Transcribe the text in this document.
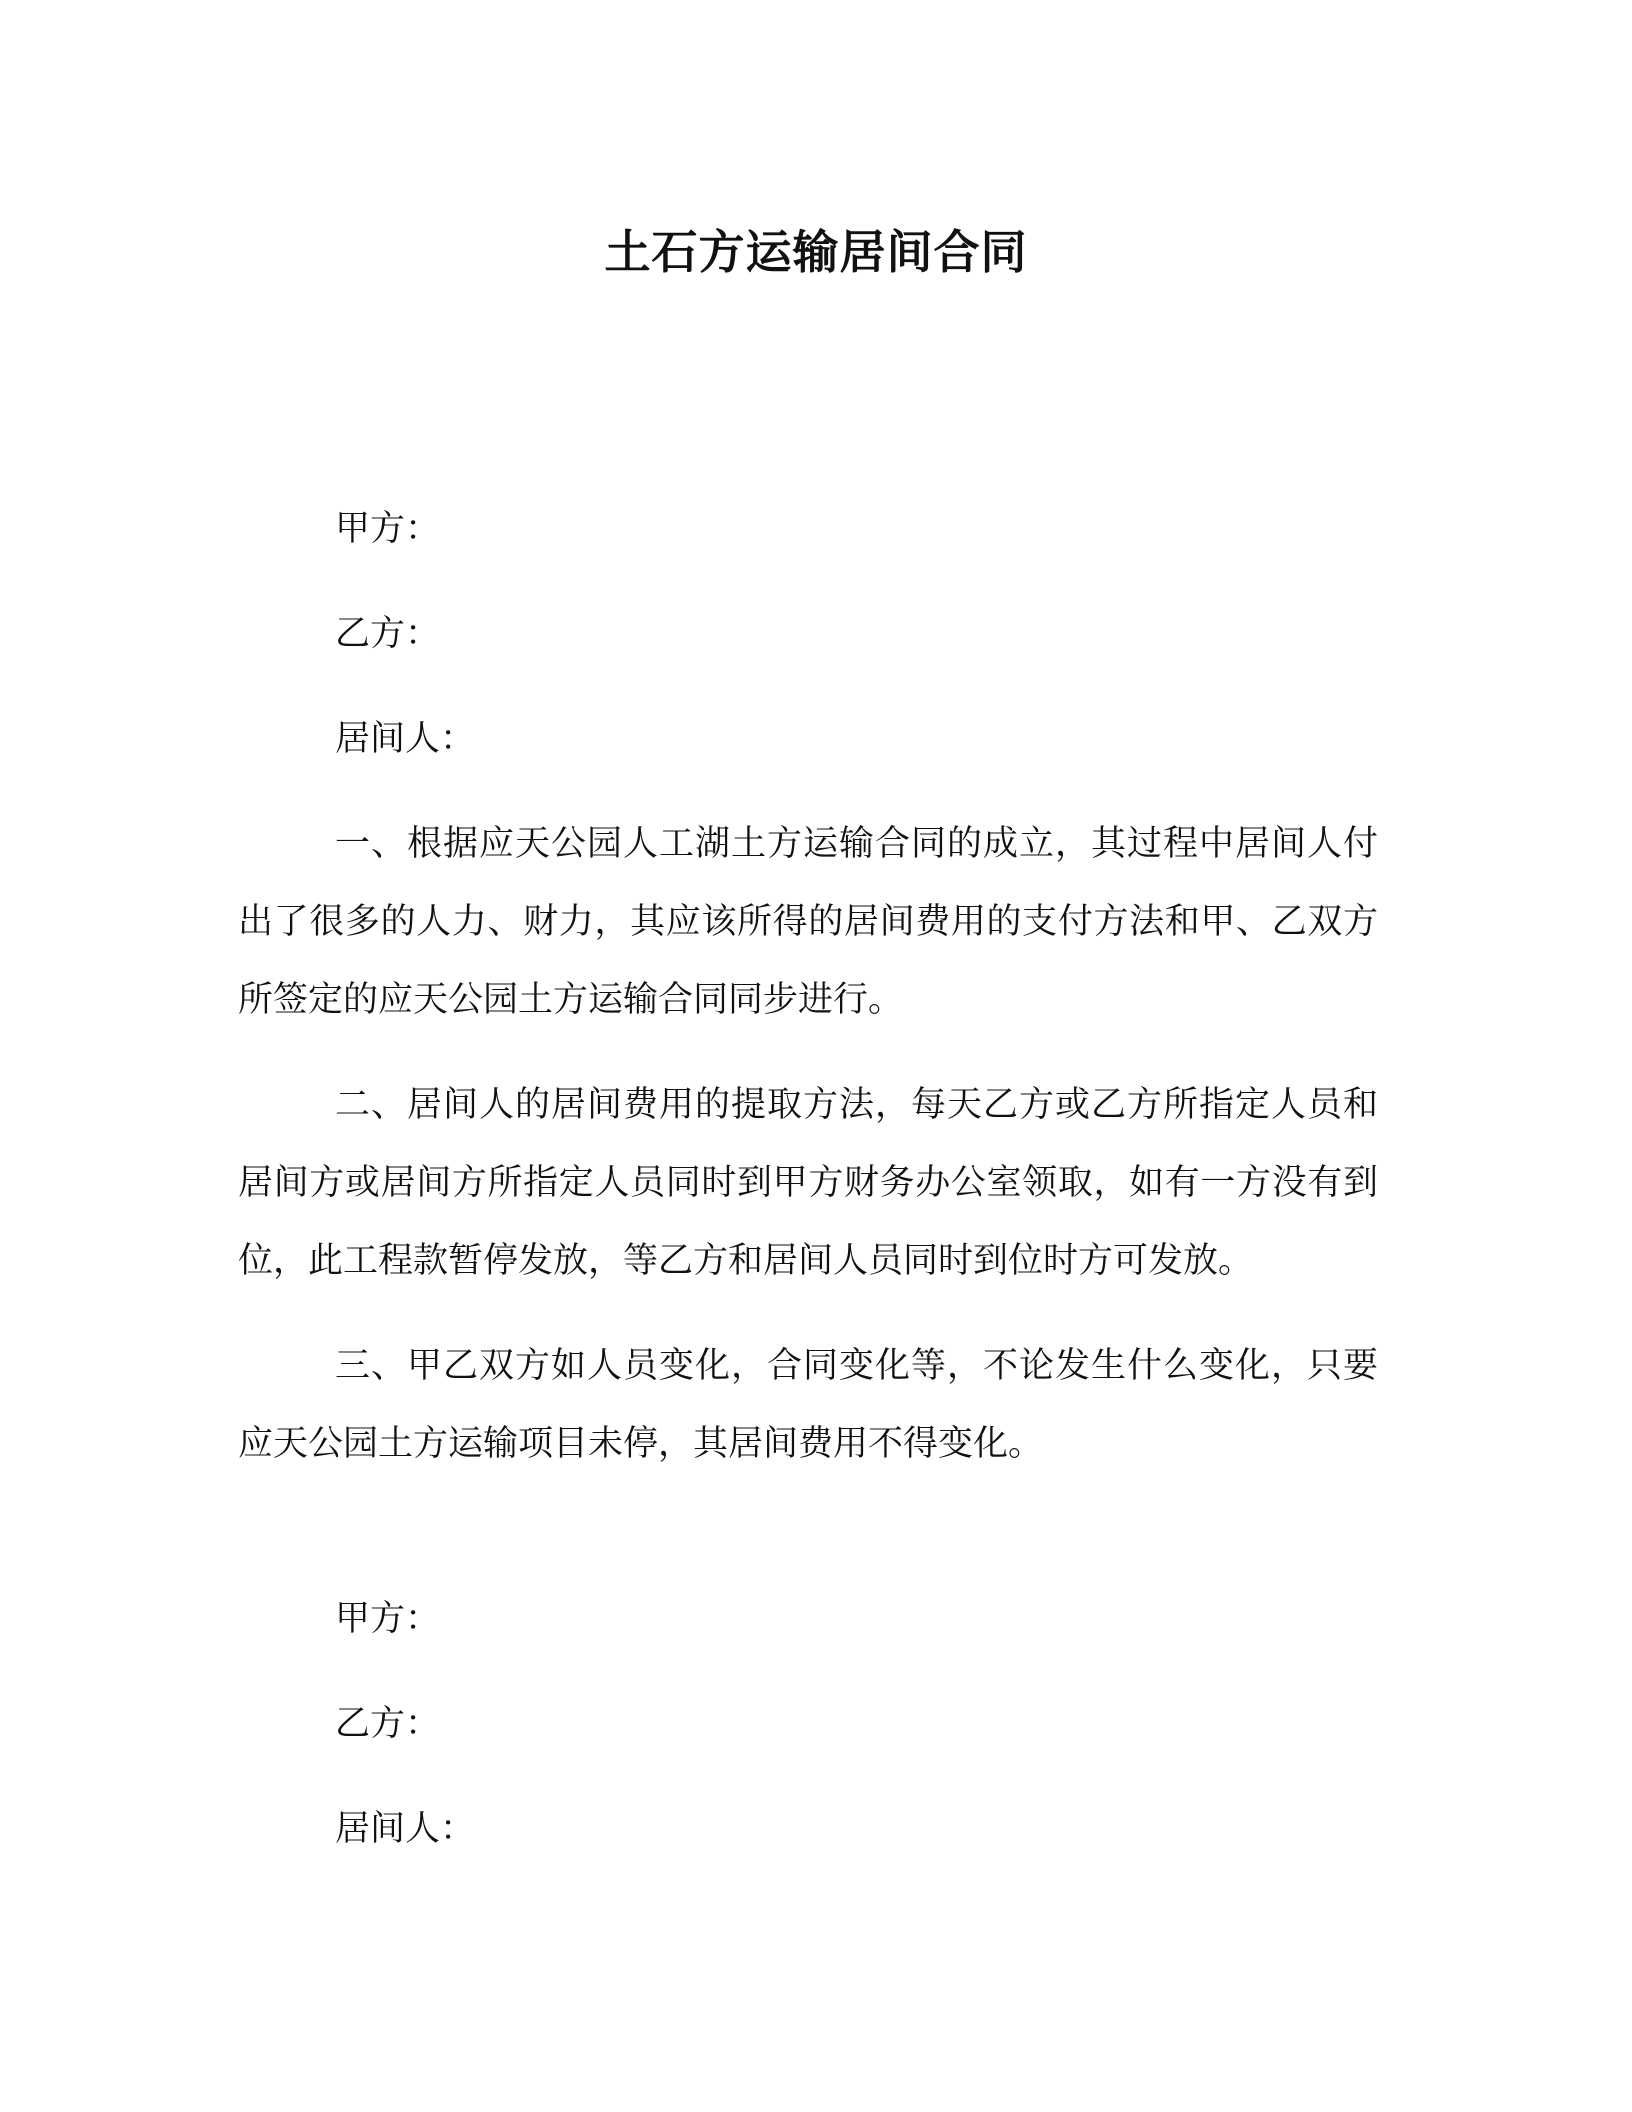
土石方运输居间合同

甲方：

乙方：

居间人：

一、根据应天公园人工湖土方运输合同的成立，其过程中居间人付出了很多的人力、财力，其应该所得的居间费用的支付方法和甲、乙双方所签定的应天公园土方运输合同同步进行。

二、居间人的居间费用的提取方法，每天乙方或乙方所指定人员和居间方或居间方所指定人员同时到甲方财务办公室领取，如有一方没有到位，此工程款暂停发放，等乙方和居间人员同时到位时方可发放。

三、甲乙双方如人员变化，合同变化等，不论发生什么变化，只要应天公园土方运输项目未停，其居间费用不得变化。

甲方：

乙方：

居间人：
